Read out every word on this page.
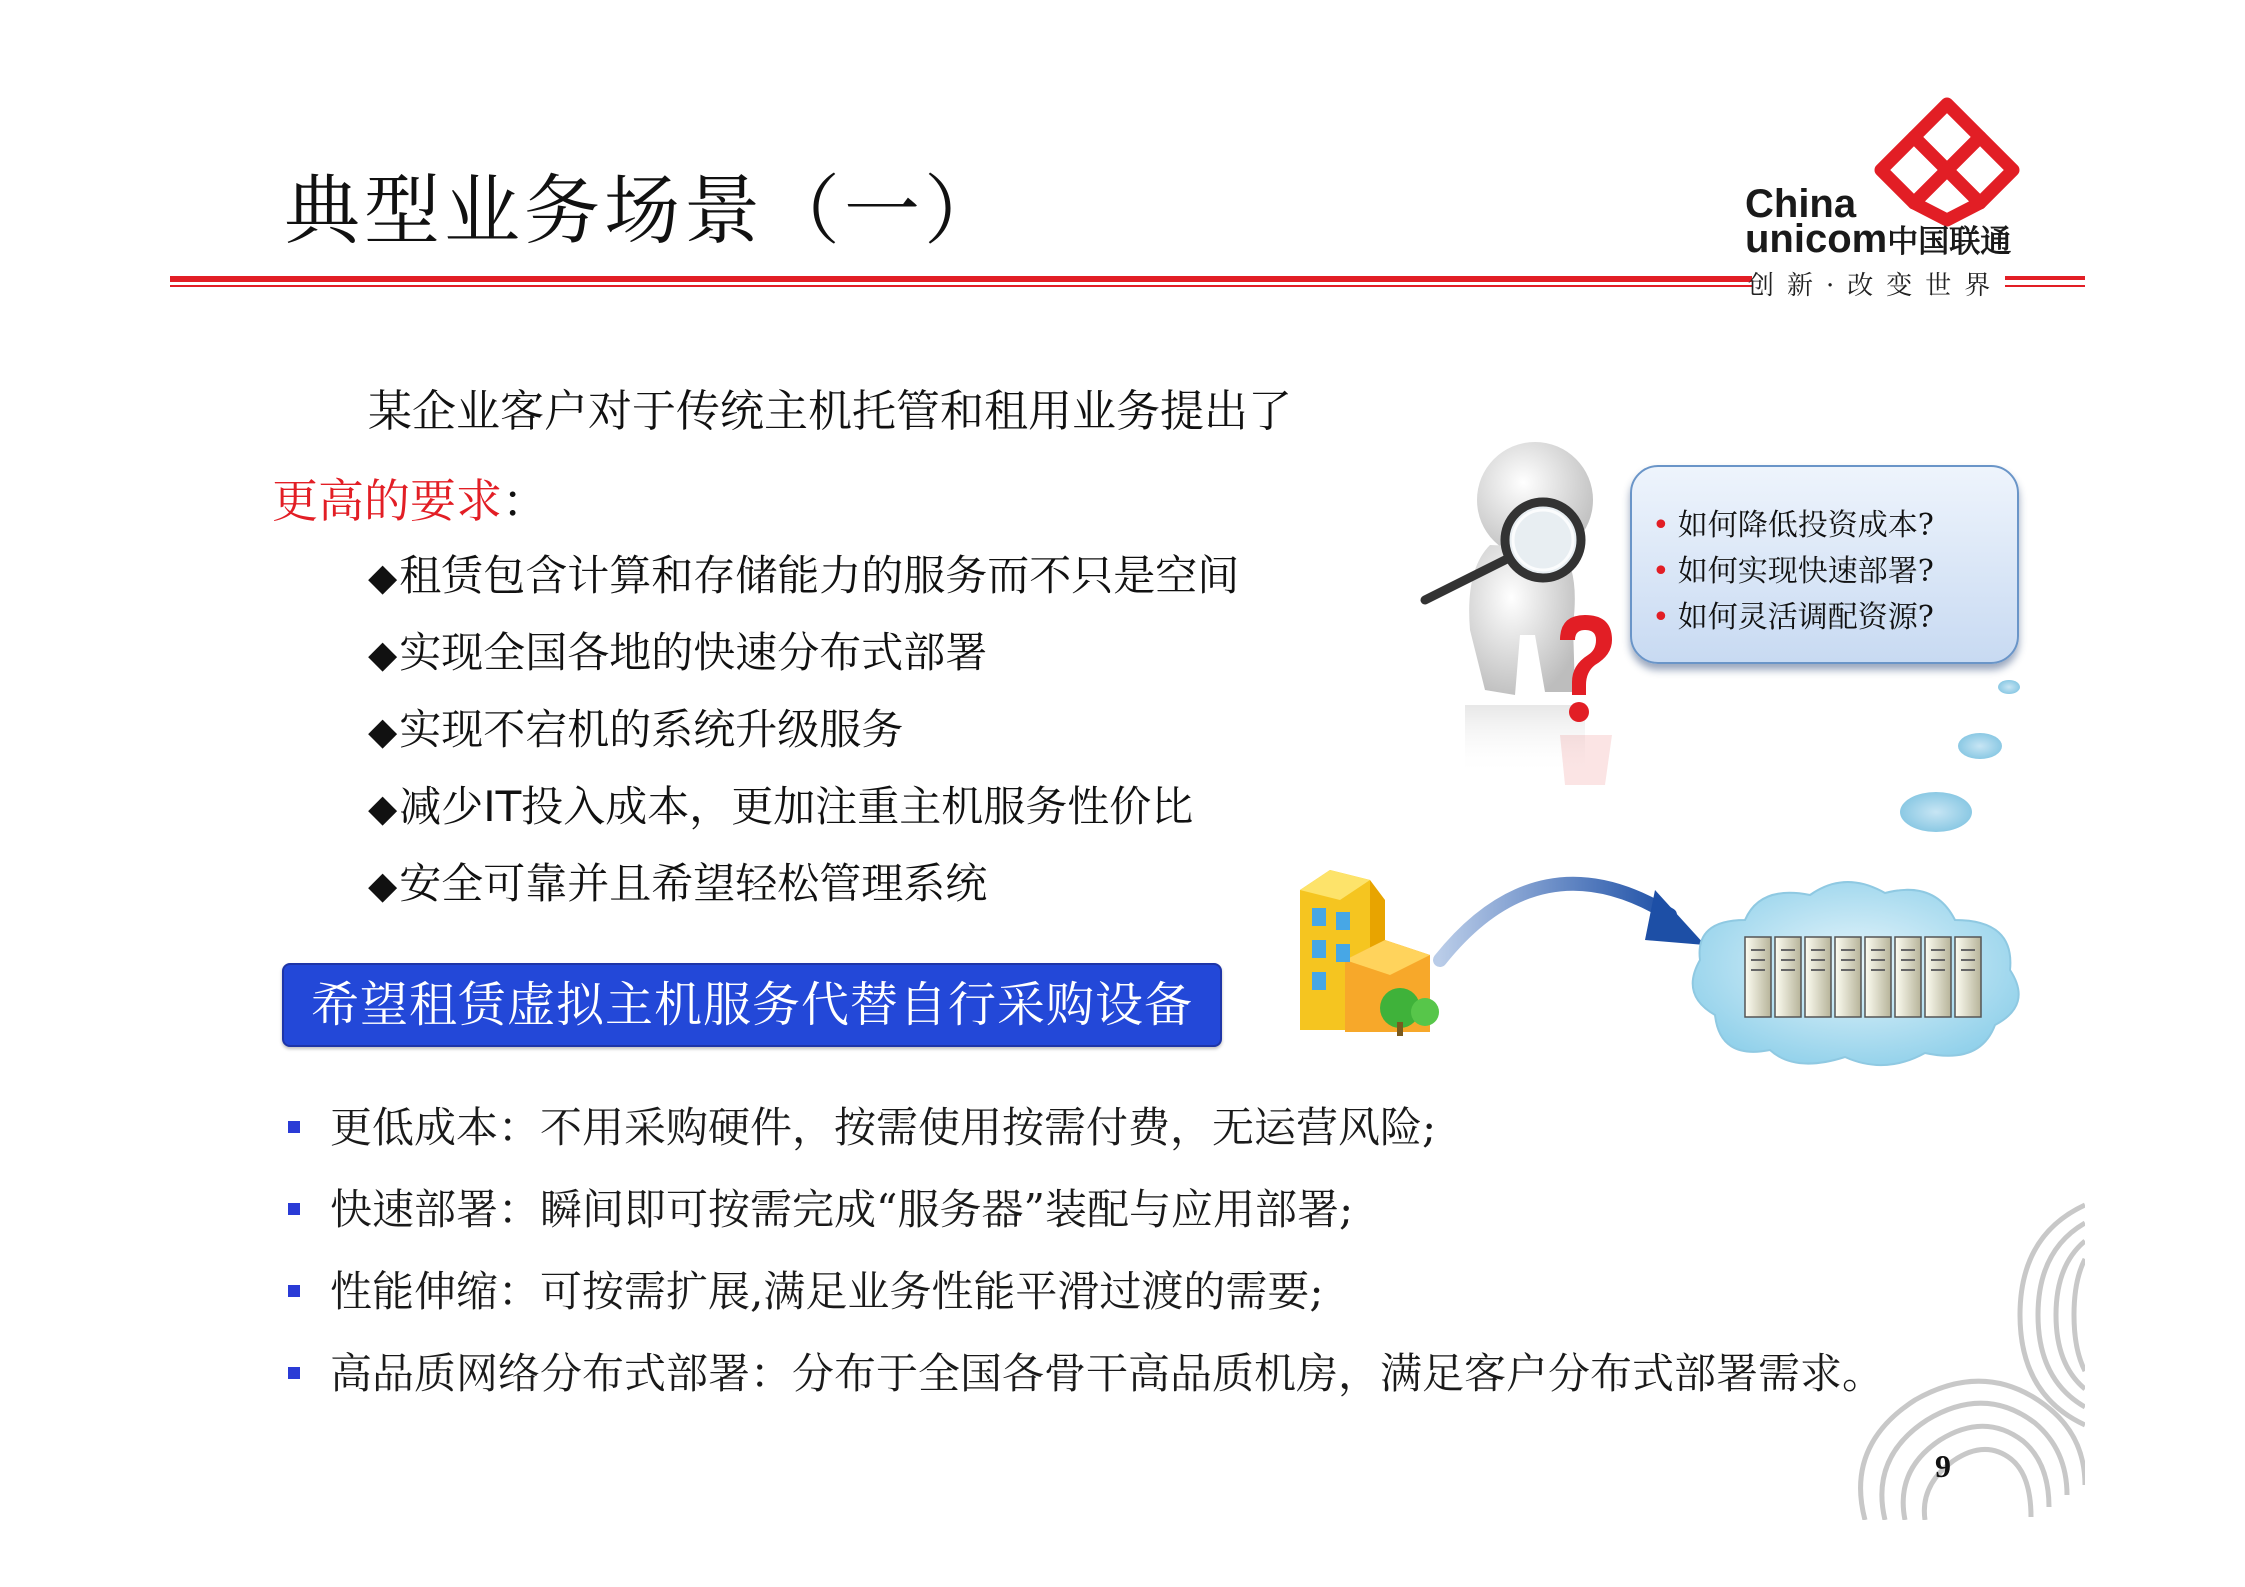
典型业务场景（一）	China
unicom中国联通
创新·改变世界
某企业客户对于传统主机托管和租用业务提出了
更高的要求：
◆租赁包含计算和存储能力的服务而不只是空间
◆实现全国各地的快速分布式部署
◆实现不宕机的系统升级服务
◆减少IT投入成本，更加注重主机服务性价比
◆安全可靠并且希望轻松管理系统
希望租赁虚拟主机服务代替自行采购设备
更低成本：不用采购硬件，按需使用按需付费，无运营风险;
快速部署：瞬间即可按需完成“服务器”装配与应用部署;
性能伸缩：可按需扩展,满足业务性能平滑过渡的需要;
高品质网络分布式部署：分布于全国各骨干高品质机房，满足客户分布式部署需求。
• 如何降低投资成本?
• 如何实现快速部署?
• 如何灵活调配资源?
9
